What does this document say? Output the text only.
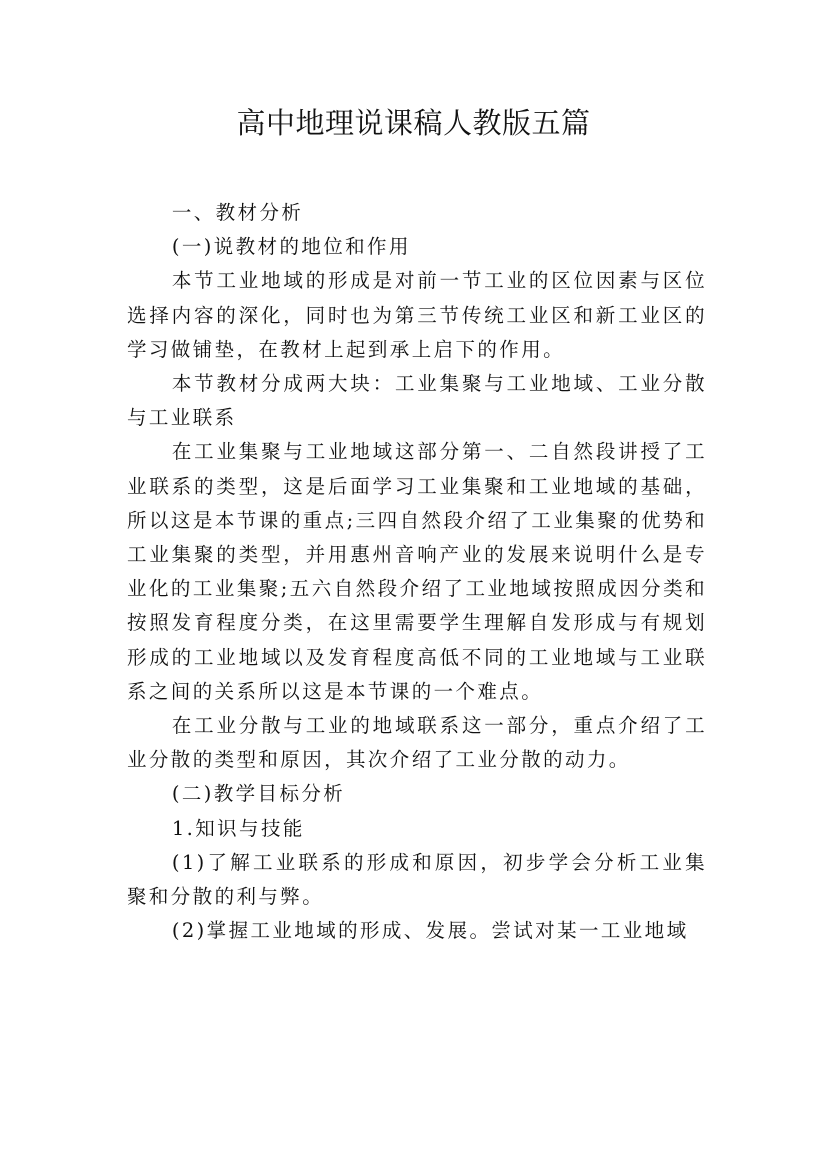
高中地理说课稿人教版五篇

一、教材分析

(一)说教材的地位和作用

本节工业地域的形成是对前一节工业的区位因素与区位选择内容的深化，同时也为第三节传统工业区和新工业区的学习做铺垫，在教材上起到承上启下的作用。

本节教材分成两大块：工业集聚与工业地域、工业分散与工业联系

在工业集聚与工业地域这部分第一、二自然段讲授了工业联系的类型，这是后面学习工业集聚和工业地域的基础，所以这是本节课的重点;三四自然段介绍了工业集聚的优势和工业集聚的类型，并用惠州音响产业的发展来说明什么是专业化的工业集聚;五六自然段介绍了工业地域按照成因分类和按照发育程度分类，在这里需要学生理解自发形成与有规划形成的工业地域以及发育程度高低不同的工业地域与工业联系之间的关系所以这是本节课的一个难点。

在工业分散与工业的地域联系这一部分，重点介绍了工业分散的类型和原因，其次介绍了工业分散的动力。

(二)教学目标分析

1.知识与技能

(1)了解工业联系的形成和原因，初步学会分析工业集聚和分散的利与弊。

(2)掌握工业地域的形成、发展。尝试对某一工业地域
